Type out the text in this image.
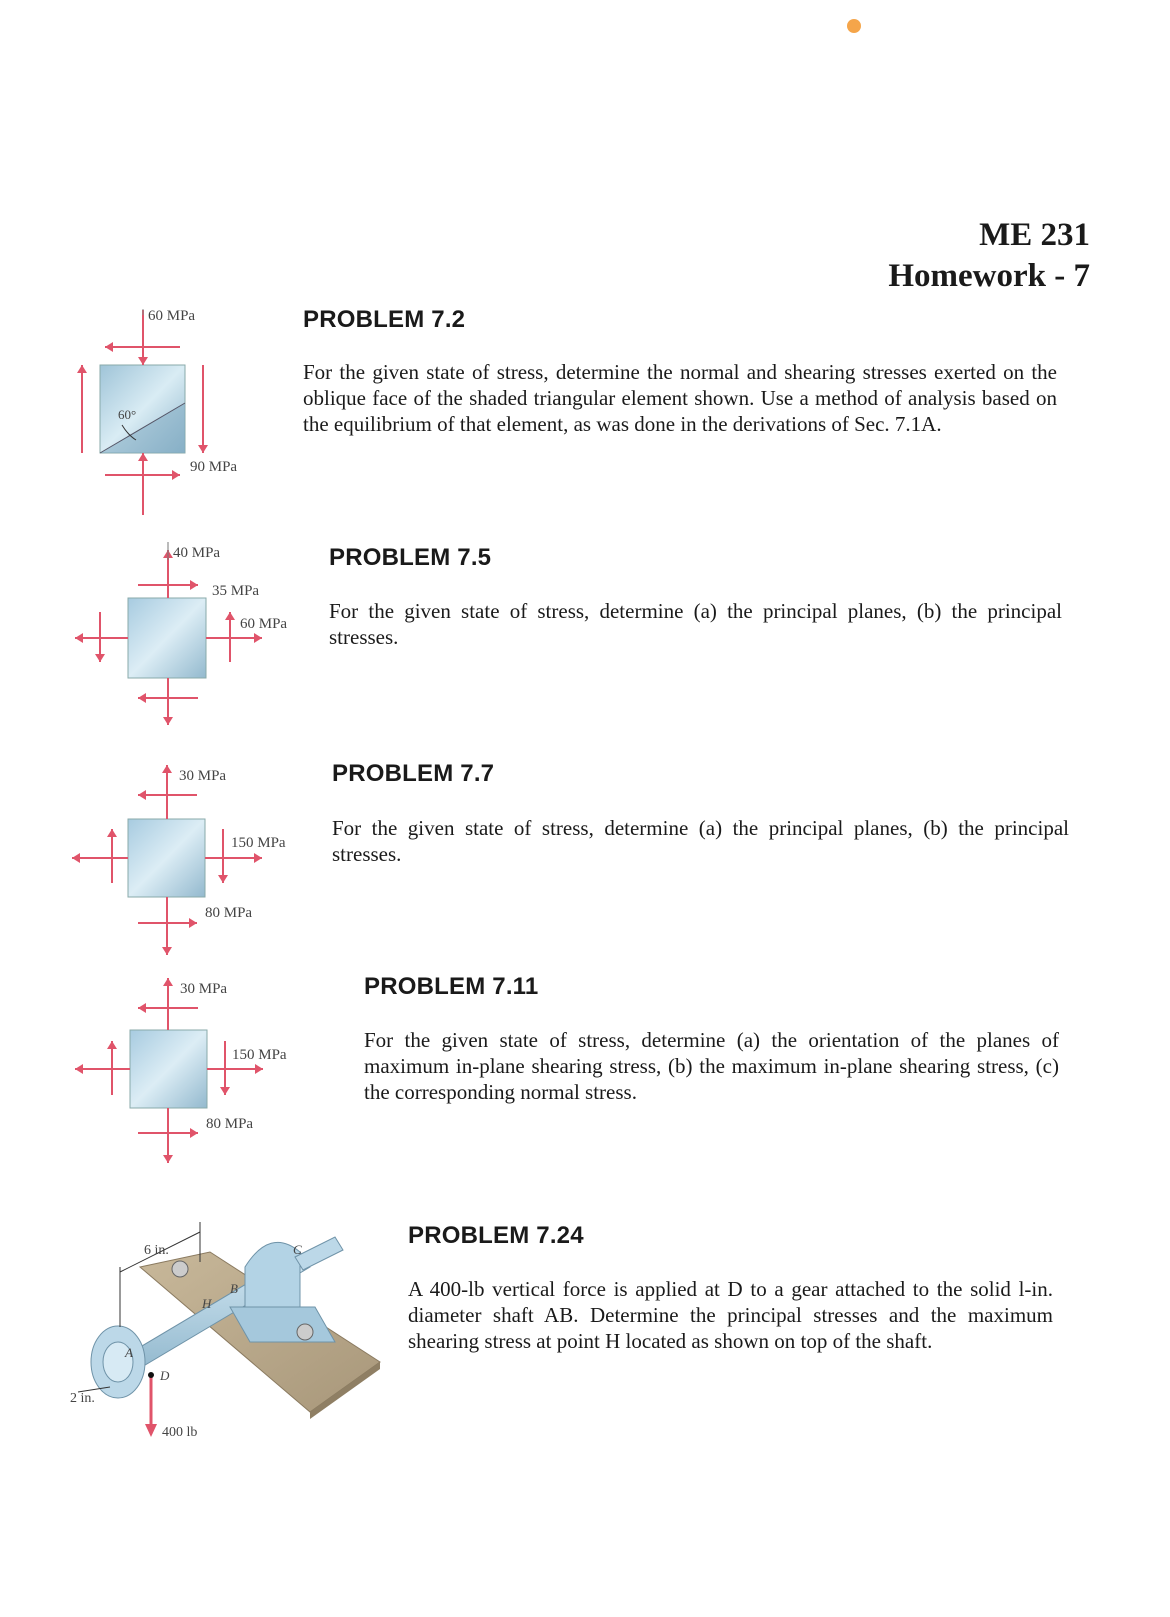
ME 231
Homework - 7
PROBLEM 7.2
For the given state of stress, determine the normal and shearing stresses exerted on the oblique face of the shaded triangular element shown. Use a method of analysis based on the equilibrium of that element, as was done in the derivations of Sec. 7.1A.
PROBLEM 7.5
For the given state of stress, determine (a) the principal planes, (b) the principal stresses.
PROBLEM 7.7
For the given state of stress, determine (a) the principal planes, (b) the principal stresses.
PROBLEM 7.11
For the given state of stress, determine (a) the orientation of the planes of maximum in-plane shearing stress, (b) the maximum in-plane shearing stress, (c) the corresponding normal stress.
PROBLEM 7.24
A 400-lb vertical force is applied at D to a gear attached to the solid l-in. diameter shaft AB. Determine the principal stresses and the maximum shearing stress at point H located as shown on top of the shaft.
60 MPa
90 MPa
60°
40 MPa
35 MPa
60 MPa
30 MPa
150 MPa
80 MPa
30 MPa
150 MPa
80 MPa
6 in.
2 in.
400 lb
A
B
C
D
H
